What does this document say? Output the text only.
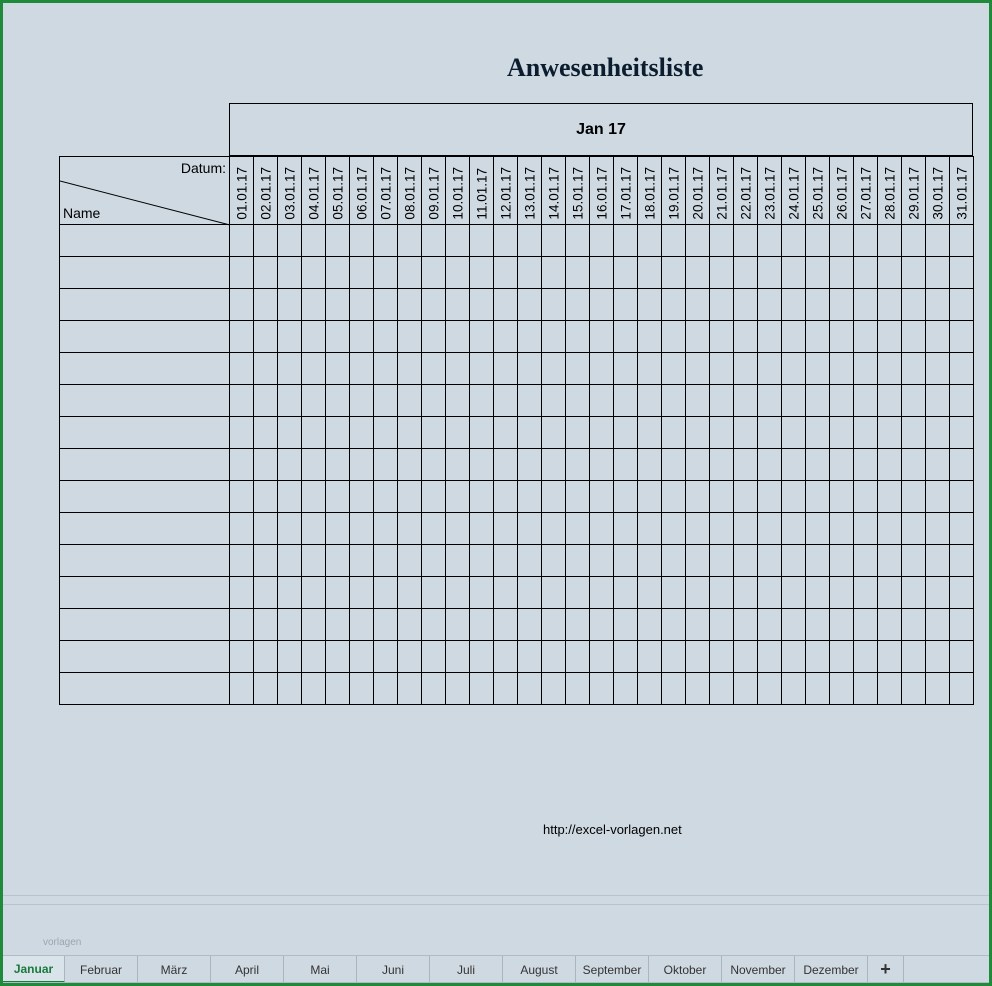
Anwesenheitsliste
Jan 17

	01.01.17	02.01.17	03.01.17	04.01.17	05.01.17	06.01.17	07.01.17	08.01.17	09.01.17	10.01.17	11.01.17	12.01.17	13.01.17	14.01.17	15.01.17	16.01.17	17.01.17	18.01.17	19.01.17	20.01.17	21.01.17	22.01.17	23.01.17	24.01.17	25.01.17	26.01.17	27.01.17	28.01.17	29.01.17	30.01.17	31.01.17

Datum:
Name
http://excel-vorlagen.net
vorlagen
Januar	Februar	März	April	Mai	Juni	Juli	August	September	Oktober	November	Dezember	+
